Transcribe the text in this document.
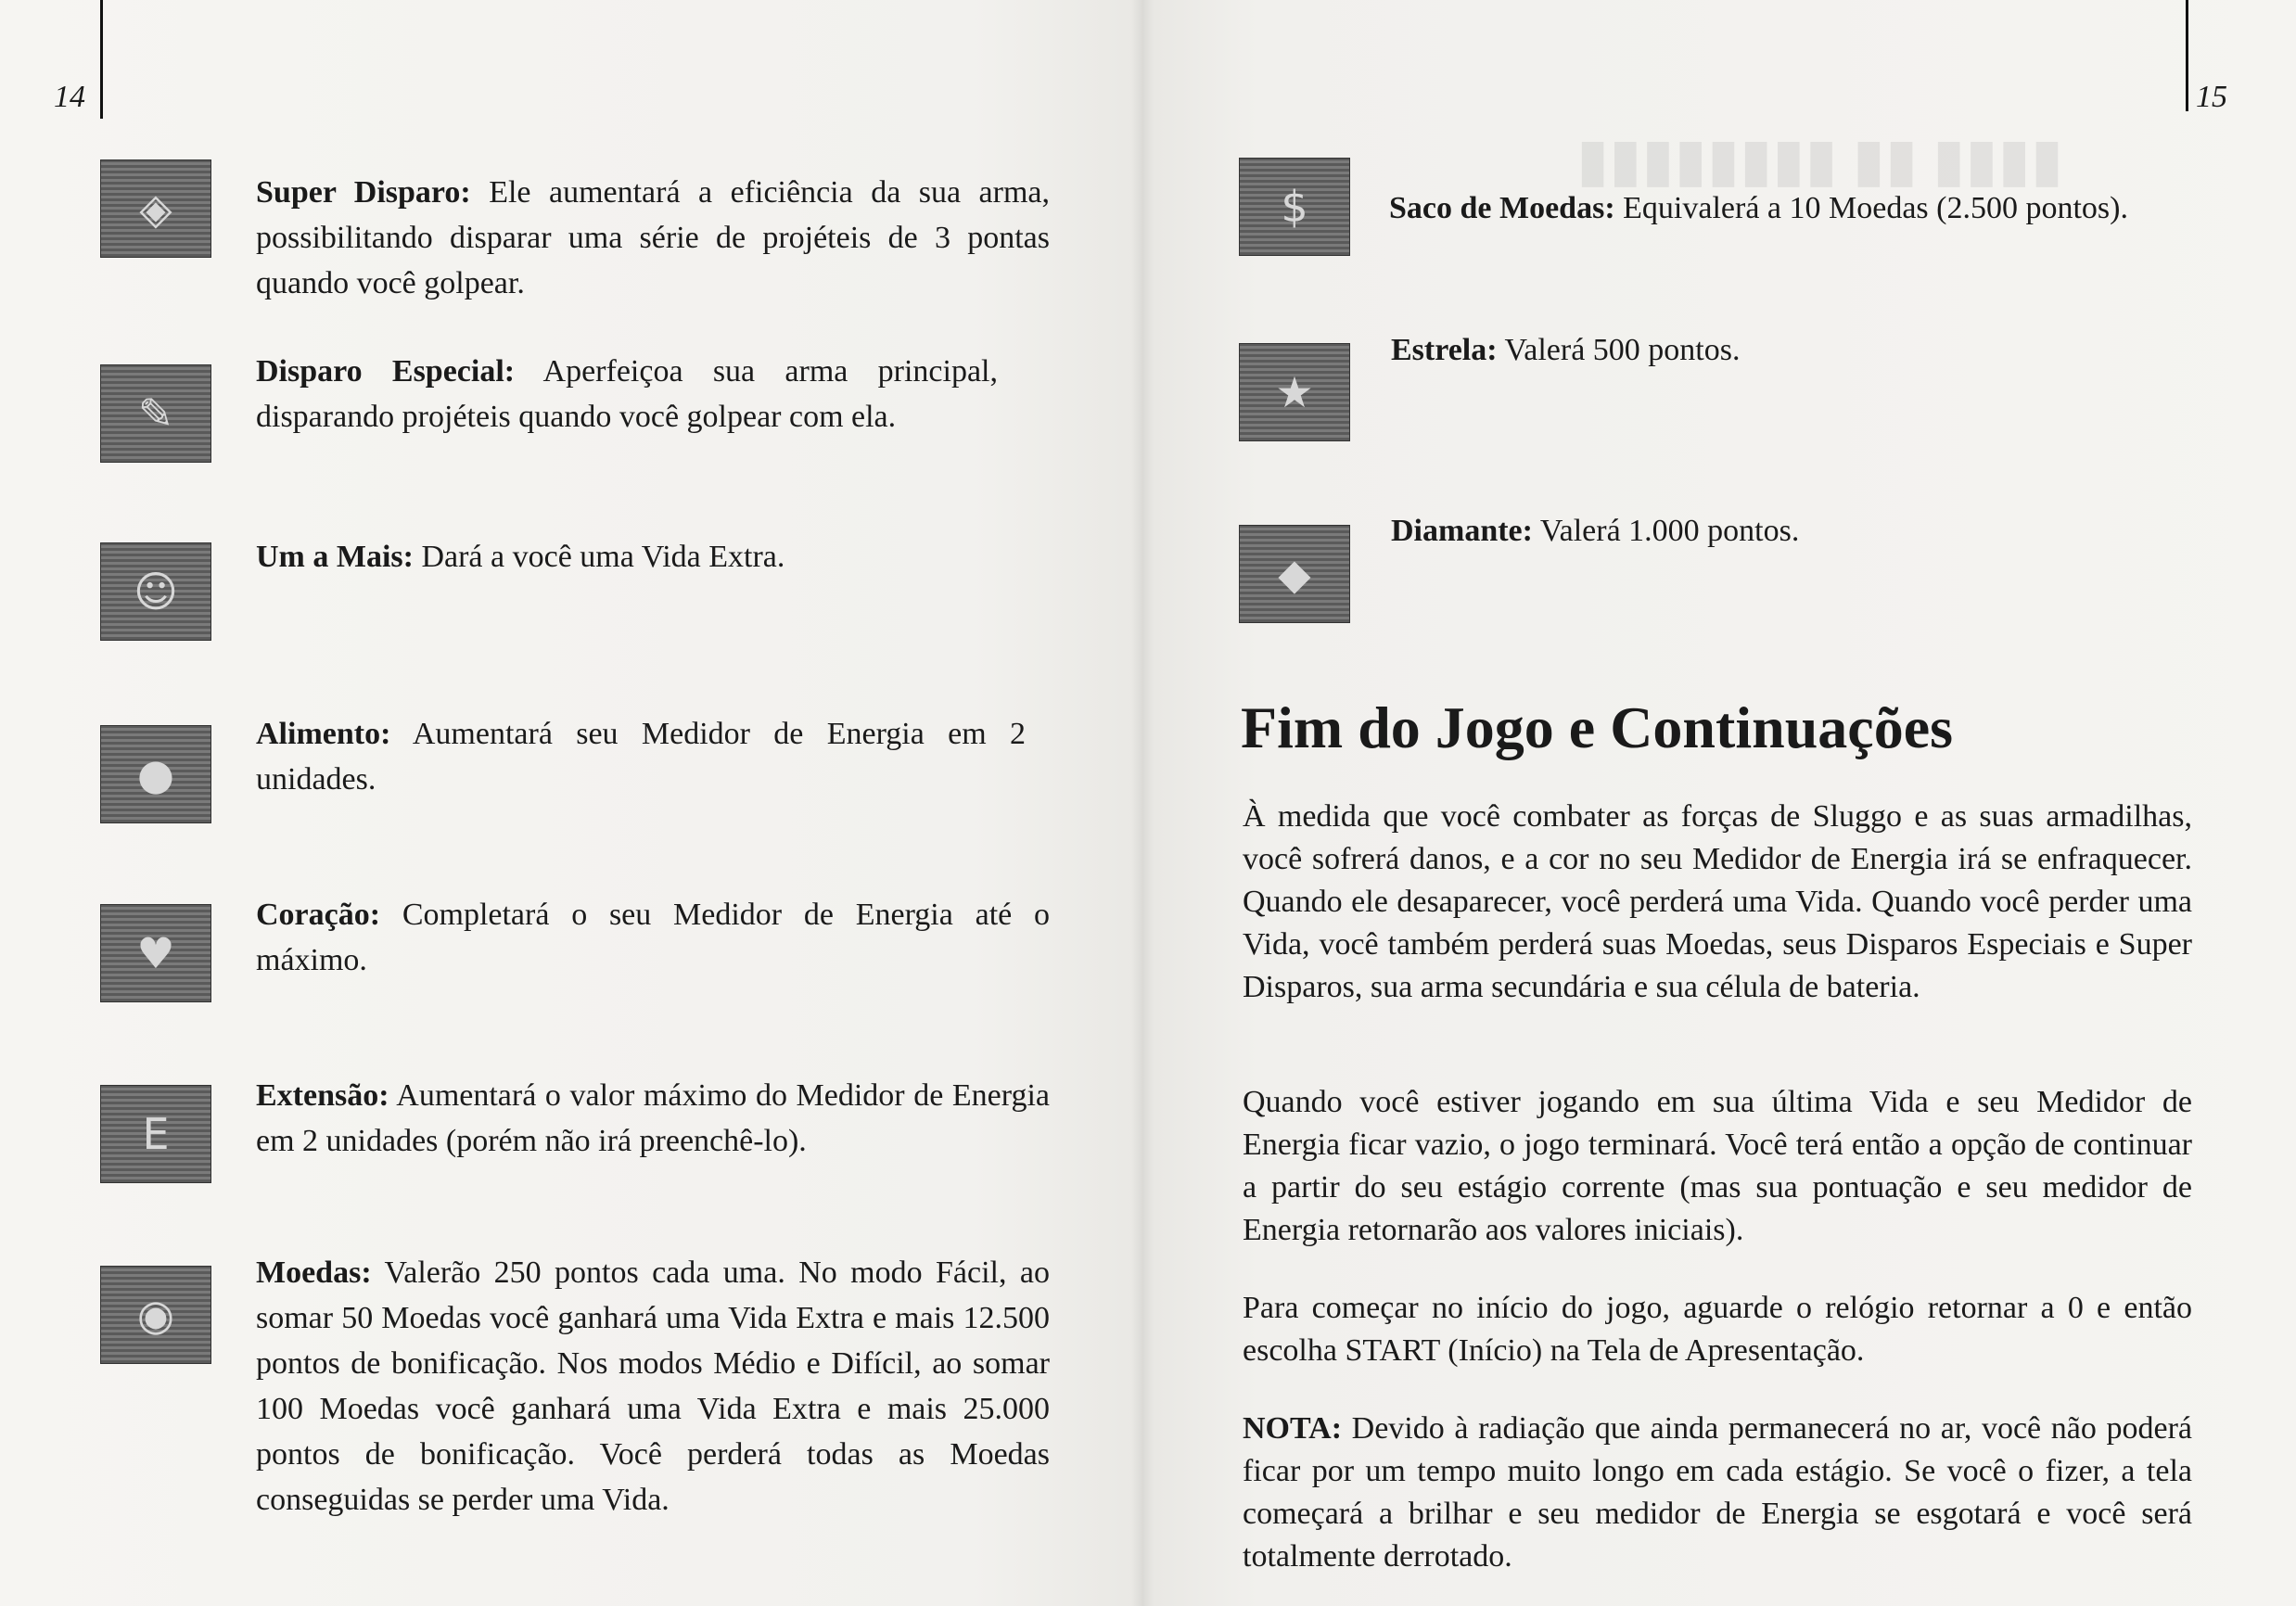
▮▮▮▮ ▮▮ ▮▮▮▮▮▮▮▮
14	15
◈	Super Disparo: Ele aumentará a eficiência da sua arma, possibilitando disparar uma série de projéteis de 3 pontas quando você golpear.
✎
Disparo Especial: Aperfeiçoa sua arma principal, disparando projéteis quando você golpear com ela.
☺
Um a Mais: Dará a você uma Vida Extra.
●
Alimento: Aumentará seu Medidor de Energia em 2 unidades.
♥
Coração: Completará o seu Medidor de Energia até o máximo.
E
Extensão: Aumentará o valor máximo do Medidor de Energia em 2 unidades (porém não irá preenchê-lo).
◉
Moedas: Valerão 250 pontos cada uma. No modo Fácil, ao somar 50 Moedas você ganhará uma Vida Extra e mais 12.500 pontos de bonificação. Nos modos Médio e Difícil, ao somar 100 Moedas você ganhará uma Vida Extra e mais 25.000 pontos de bonificação. Você perderá todas as Moedas conseguidas se perder uma Vida.
$	Saco de Moedas: Equivalerá a 10 Moedas (2.500 pontos).
★
Estrela: Valerá 500 pontos.
◆
Diamante: Valerá 1.000 pontos.
Fim do Jogo e Continuações
À medida que você combater as forças de Sluggo e as suas armadilhas, você sofrerá danos, e a cor no seu Medidor de Energia irá se enfraquecer. Quando ele desaparecer, você perderá uma Vida. Quando você perder uma Vida, você também perderá suas Moedas, seus Disparos Especiais e Super Disparos, sua arma secundária e sua célula de bateria.
Quando você estiver jogando em sua última Vida e seu Medidor de Energia ficar vazio, o jogo terminará. Você terá então a opção de continuar a partir do seu estágio corrente (mas sua pontuação e seu medidor de Energia retornarão aos valores iniciais).
Para começar no início do jogo, aguarde o relógio retornar a 0 e então escolha START (Início) na Tela de Apresentação.
NOTA: Devido à radiação que ainda permanecerá no ar, você não poderá ficar por um tempo muito longo em cada estágio. Se você o fizer, a tela começará a brilhar e seu medidor de Energia se esgotará e você será totalmente derrotado.
